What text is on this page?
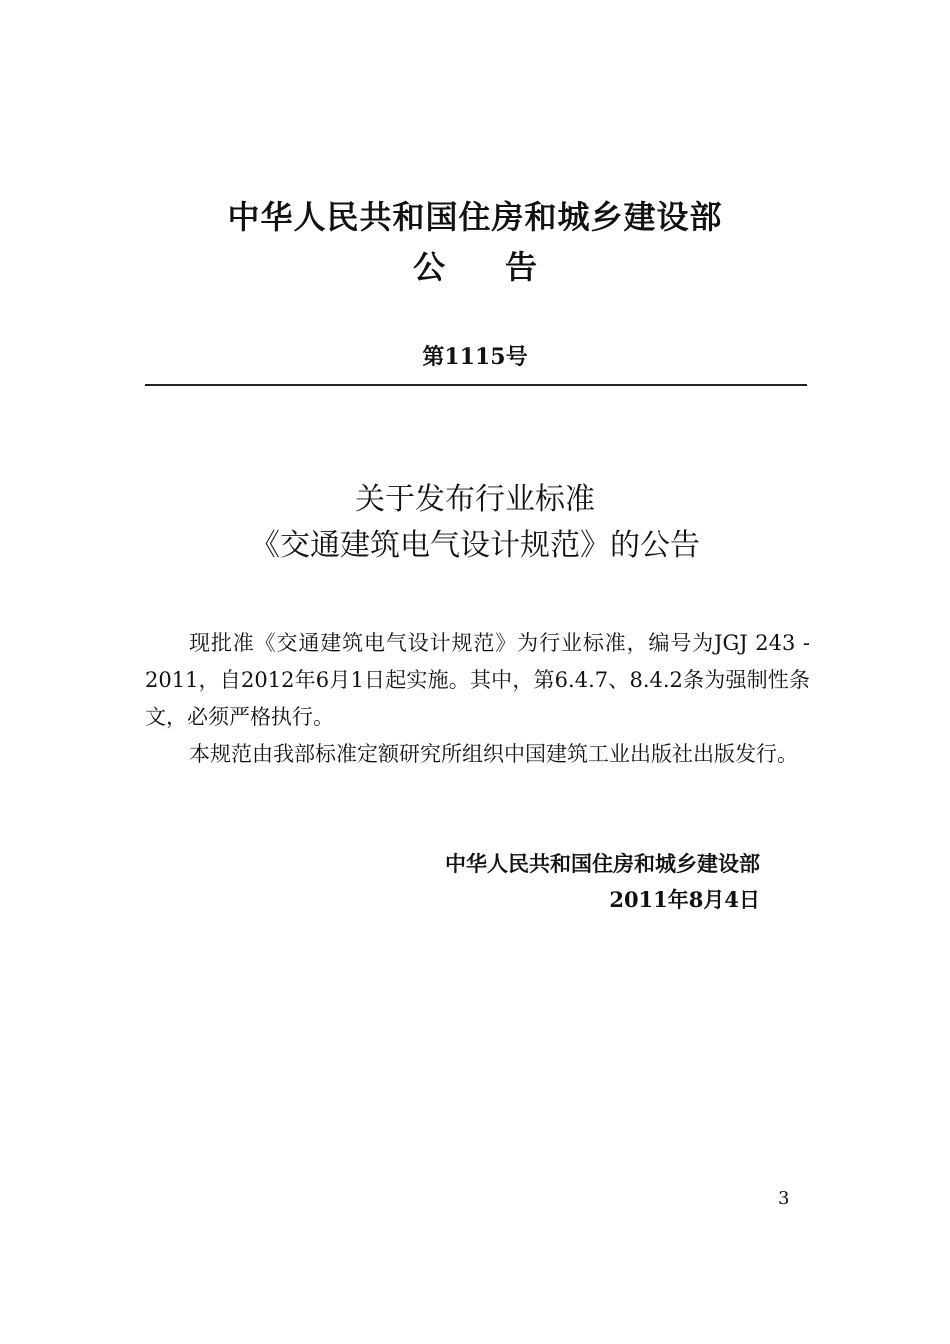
中华人民共和国住房和城乡建设部
公告
第1115号
关于发布行业标准
《交通建筑电气设计规范》的公告

现批准《交通建筑电气设计规范》为行业标准，编号为JGJ 243 - 2011，自2012年6月1日起实施。其中，第6.4.7、8.4.2条为强制性条文，必须严格执行。

本规范由我部标准定额研究所组织中国建筑工业出版社出版发行。

中华人民共和国住房和城乡建设部
2011年8月4日
3
